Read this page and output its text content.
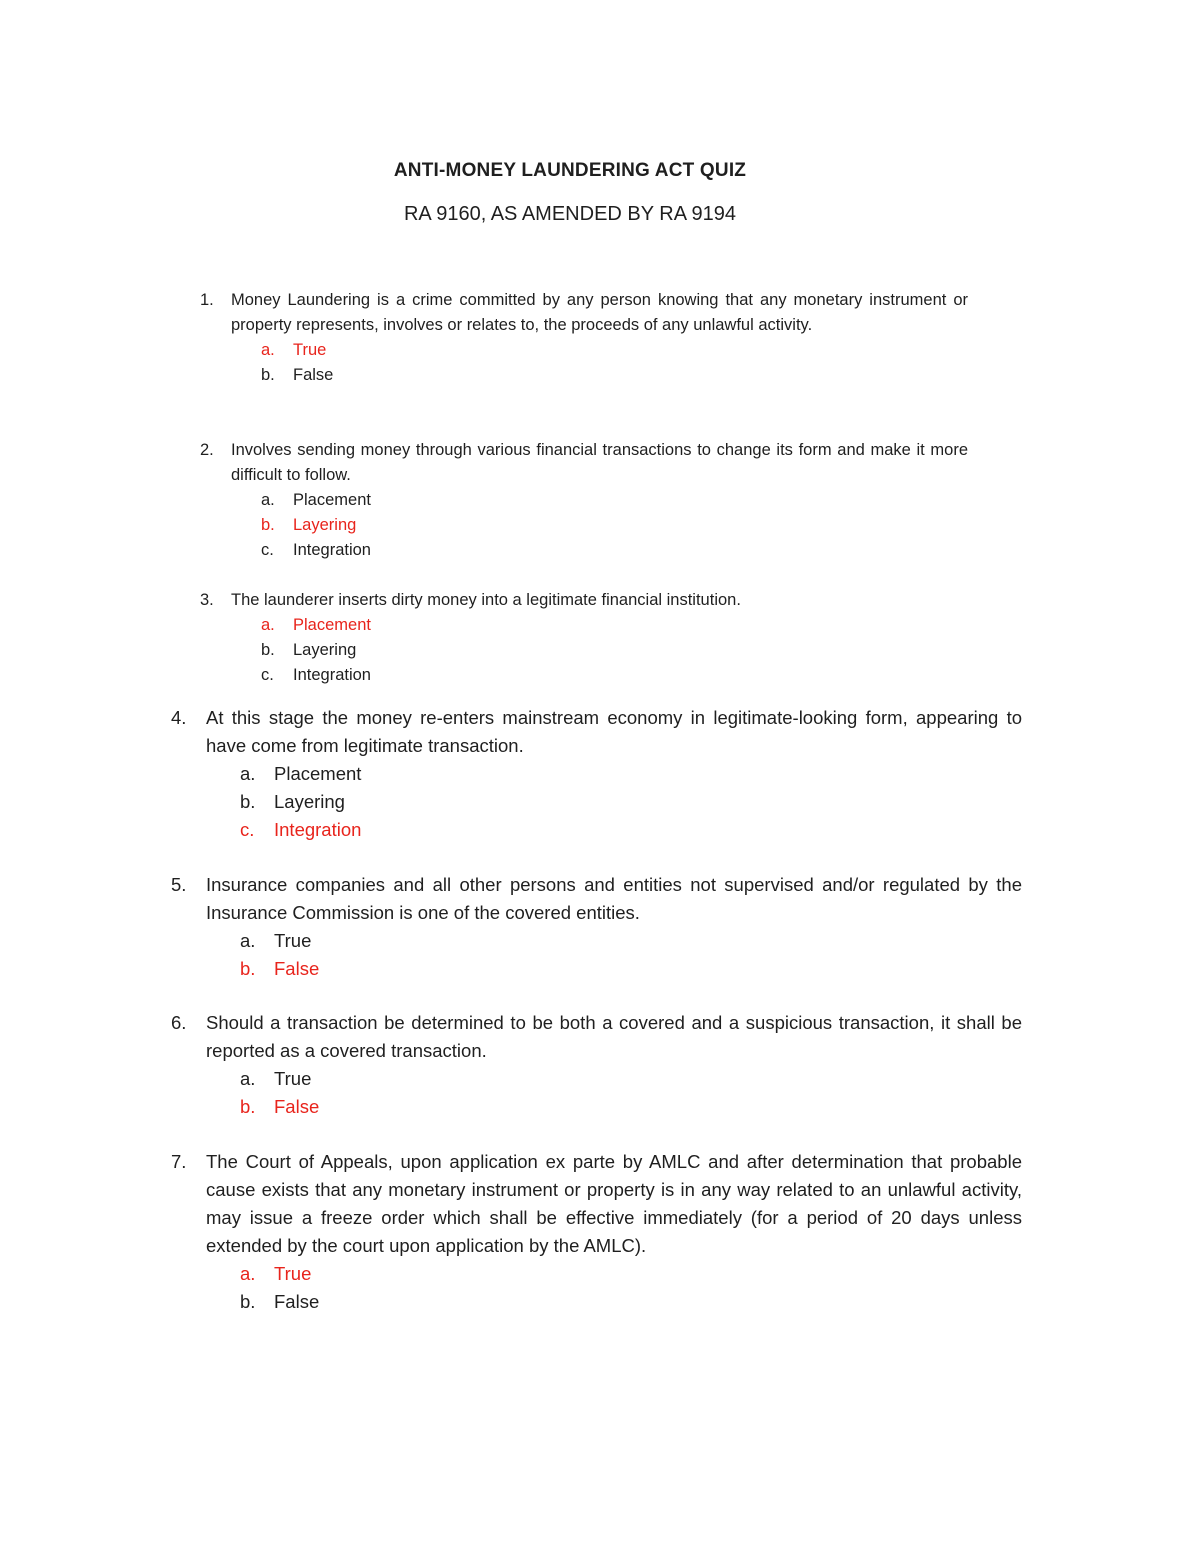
ANTI-MONEY LAUNDERING ACT QUIZ
RA 9160, AS AMENDED BY RA 9194
1. Money Laundering is a crime committed by any person knowing that any monetary instrument or property represents, involves or relates to, the proceeds of any unlawful activity.
a. True
b. False
2. Involves sending money through various financial transactions to change its form and make it more difficult to follow.
a. Placement
b. Layering
c. Integration
3. The launderer inserts dirty money into a legitimate financial institution.
a. Placement
b. Layering
c. Integration
4. At this stage the money re-enters mainstream economy in legitimate-looking form, appearing to have come from legitimate transaction.
a. Placement
b. Layering
c. Integration
5. Insurance companies and all other persons and entities not supervised and/or regulated by the Insurance Commission is one of the covered entities.
a. True
b. False
6. Should a transaction be determined to be both a covered and a suspicious transaction, it shall be reported as a covered transaction.
a. True
b. False
7. The Court of Appeals, upon application ex parte by AMLC and after determination that probable cause exists that any monetary instrument or property is in any way related to an unlawful activity, may issue a freeze order which shall be effective immediately (for a period of 20 days unless extended by the court upon application by the AMLC).
a. True
b. False
